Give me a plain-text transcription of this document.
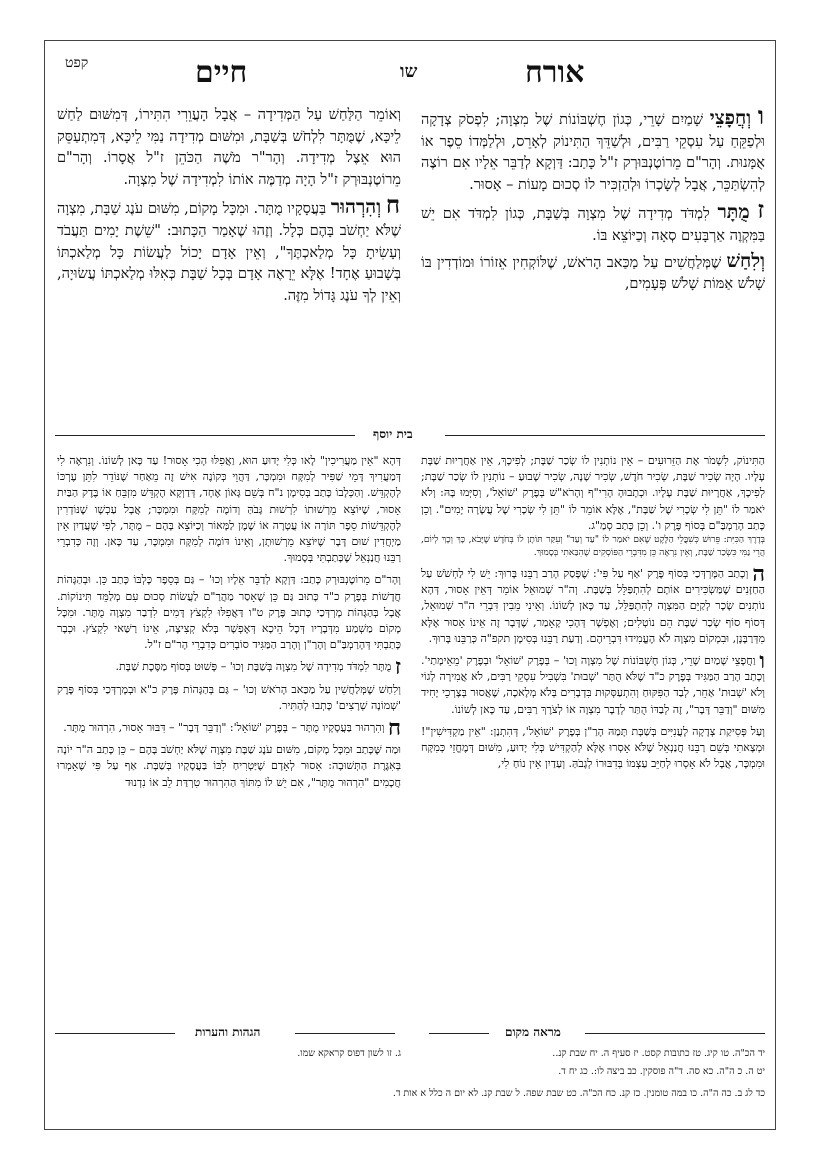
קפט	חיים	שו	אורח

ו וְחֲפָצֵי שָׁמַיִם שָׁרֵי, כְּגוֹן חֶשְׁבּוֹנוֹת שֶׁל מִצְוָה; לִפְסֹק צְדָקָה וּלְפַקֵּחַ עַל עִסְקֵי רַבִּים, וּלְשַׁדֵּךְ הַתִּינוֹק לְאָרֵס, וּלְלַמְּדוֹ סֵפֶר אוֹ אֻמָּנוּת. וְהָר"ם מֵרוֹטֶנְבּוּרְק ז"ל כָּתַב: דַּוְקָא לְדַבֵּר אֵלָיו אִם רוֹצֶה לְהִשְׂתַּכֵּר, אֲבָל לְשָׂכְרוֹ וּלְהַזְכִּיר לוֹ סְכוּם מָעוֹת – אָסוּר.

ז מֻתָּר לִמְדֹּד מְדִידָה שֶׁל מִצְוָה בְּשַׁבָּת, כְּגוֹן לִמְדֹּד אִם יֵשׁ בַּמִּקְוֶה אַרְבָּעִים סְאָה וְכַיּוֹצֵא בּוֹ.

וְלִחַשׁ שֶׁמְּלַחֲשִׁים עַל מַכַּאב הָרֹאשׁ, שֶׁלּוֹקְחִין אֵזוֹרוֹ וּמוֹדְדִין בּוֹ שָׁלֹשׁ אַמּוֹת שָׁלֹשׁ פְּעָמִים,

וְאוֹמֵר הַלַּחַשׁ עַל הַמְּדִידָה – אֲבָל הָעֲוֵרִי הִתִּירוֹ, דְּמִשּׁוּם לַחַשׁ לֵיכָּא, שֶׁמֻּתָּר לִלְחֹשׁ בְּשַׁבָּת, וּמִשּׁוּם מְדִידָה נַמִּי לֵיכָּא, דְּמִתְעַסֵּק הוּא אֵצֶל מְדִידָה. וְהָר"ר מֹשֶׁה הַכֹּהֵן ז"ל אֲסָרוֹ. וְהָר"ם מֵרוֹטֶנְבּוּרְק ז"ל הָיָה מְדַמֶּה אוֹתוֹ לִמְדִידָה שֶׁל מִצְוָה.

ח וְהִרְהוּר בַּעֲסָקָיו מֻתָּר. וּמִכָּל מָקוֹם, מִשּׁוּם עֹנֶג שַׁבָּת, מִצְוָה שֶׁלֹּא יַחְשֹׁב בָּהֶם כְּלָל. וְזֶהוּ שֶׁאָמַר הַכָּתוּב: "שֵׁשֶׁת יָמִים תַּעֲבֹד וְעָשִׂיתָ כָּל מְלַאכְתֶּךָ", וְאֵין אָדָם יָכוֹל לַעֲשׂוֹת כָּל מְלַאכְתּוֹ בְּשָׁבוּעַ אֶחָד! אֶלָּא יֵרָאֶה אָדָם בְּכָל שַׁבָּת כְּאִלּוּ מְלַאכְתּוֹ עֲשׂוּיָה, וְאֵין לְךָ עֹנֶג גָּדוֹל מִזֶּה.

בית יוסף

הַתִּינוֹק, לִשְׁמֹר אֶת הַזֵּרוּעִים – אֵין נוֹתְנִין לוֹ שְׂכַר שַׁבָּת; לְפִיכָךְ, אֵין אַחֲרָיוּת שַׁבָּת עָלָיו. הָיָה שְׂכִיר שַׁבָּת, שְׂכִיר חֹדֶשׁ, שְׂכִיר שָׁנָה, שְׂכִיר שָׁבוּעַ – נוֹתְנִין לוֹ שְׂכַר שַׁבָּת; לְפִיכָךְ, אַחֲרָיוּת שַׁבָּת עָלָיו. וּכְתָבוּהָ הָרִי"ף וְהָרֹא"שׁ בְּפֶרֶק 'שׁוֹאֵל', וְסִיְּמוּ בָּהּ: וְלֹא יֹאמַר לוֹ "תֵּן לִי שְׂכָרִי שֶׁל שַׁבָּת", אֶלָּא אוֹמֵר לוֹ "תֵּן לִי שְׂכָרִי שֶׁל עֲשָׂרָה יָמִים". וְכֵן כָּתַב הָרַמְבַּ"ם בְּסוֹף פֶּרֶק ו'. וְכֵן כָּתַב סְמַ"ג.
בְּדֶרֶךְ הַכִּיִּת: פֵּרוּשׁ כְּשִׁבֳּלֵי הַלֶּקֶט שֶׁאִם יֹאמַר לוֹ "עַד וְעַד" וְעִקַּר תּוֹתָן לוֹ בְּחֹדֶשׁ שֶׁיָּבֹא, כָּךְ וְכָךְ לְיוֹם, הֲרֵי נַמִּי כִּשְׂכַר שַׁבָּת, וְאֵין נִרְאֶה כֵּן מִדִּבְרֵי הַפּוֹסְקִים שֶׁהִבַּאתִי בְּסָמוּךְ.

ה וְכָתַב הַמָּרְדְּכַי בְּסוֹף פֶּרֶק 'אַף עַל פִּי': שֶׁפָּסַק הָרַב רַבֵּנוּ בָּרוּךְ: יֵשׁ לִי לַחְשֹׁשׁ עַל הַחַזָּנִים שֶׁמַּשְׂכִּירִים אוֹתָם לְהִתְפַּלֵּל בְּשַׁבָּת. וְה"ר שְׁמוּאֵל אוֹמֵר דְּאֵין אָסוּר, דְּהָא נוֹתְנִים שָׂכָר לְקַיֵּם הַמִּצְוָה לְהִתְפַּלֵּל, עַד כָּאן לְשׁוֹנוֹ. וְאֵינִי מֵבִין דִּבְרֵי ה"ר שְׁמוּאֵל, דְּסוֹף סוֹף שְׂכַר שַׁבָּת הֵם נוֹטְלִים; וְאֶפְשָׁר דְּהָכִי קָאָמַר, שֶׁדָּבָר זֶה אֵינוֹ אָסוּר אֶלָּא מִדְּרַבָּנָן, וּבִמְקוֹם מִצְוָה לֹא הֶעֱמִידוּ דִּבְרֵיהֶם. וְדַעַת רַבֵּנוּ בְּסִימָן תקפ"ה כְּרַבֵּנוּ בָּרוּךְ.

ו וַחֲפָצֵי שָׁמַיִם שָׁרֵי, כְּגוֹן חֶשְׁבּוֹנוֹת שֶׁל מִצְוָה וְכוּ' – בְּפֶרֶק 'שׁוֹאֵל' וּבְפֶרֶק 'מֵאֵימָתַי'. וְכָתַב הָרַב הַמַּגִּיד בְּפֶרֶק כ"ד שֶׁלֹּא הֻתַּר 'שְׁבוּת' בִּשְׁבִיל עִסְקֵי רַבִּים, לֹא אֲמִירָה לְגוֹי וְלֹא 'שְׁבוּת' אַחֵר, לְבַד הַפִּקּוּחַ וְהִתְעַסְּקוּת בִּדְבָרִים בְּלֹא מְלָאכָה, שֶׁאֲסוּר בְּצָרְכֵי יָחִיד מִשּׁוּם "וְדַבֵּר דָּבָר", זֶה לְבַדּוֹ הֻתַּר לְדָבָר מִצְוָה אוֹ לְצֹרֶךְ רַבִּים, עַד כָּאן לְשׁוֹנוֹ.

וְעַל פְּסִיקַת צְדָקָה לָעֲנִיִּים בְּשַׁבָּת תָּמַהּ הָרַ"ן בְּפֶרֶק 'שׁוֹאֵל', דְּהִתְנַן: "אֵין מַקְדִּישִׁין"! וּמְצָאתִי בְּשֵׁם רַבֵּנוּ חֲנַנְאֵל שֶׁלֹּא אָסְרוּ אֶלָּא לְהַקְדִּישׁ כְּלִי יָדוּעַ, מִשּׁוּם דְּמֶחֱזֵי כְּמִקָּח וּמִמְכָּר, אֲבָל לֹא אָסְרוּ לְחַיֵּב עַצְמוֹ בְּדִבּוּרוֹ לְגָבֹהַּ. וְעַדַיִן אֵין נוֹחַ לִי,

דְּהָא "אֵין מַעֲרִיכִין" לָאו כְּלִי יָדוּעַ הוּא, וַאֲפִלּוּ הָכִי אָסוּר! עַד כָּאן לְשׁוֹנוֹ. וְנִרְאֶה לִי דְּמַעֲרִיךְ דָּמֵי שַׁפִּיר לְמִקָּח וּמִמְכָּר, דַּהֲוֵי כְּקוֹנֶה אִישׁ זֶה מֵאַחַר שֶׁנּוֹדֵר לִתֵּן עֶרְכּוֹ לְהֶקְדֵּשׁ. וְהַכְּלָבוֹ כָּתַב בְּסִימָן נ"ח בְּשֵׁם גָּאוֹן אֶחָד, דְּדַוְקָא הֶקְדֵּשׁ מִזְבֵּחַ אוֹ בֶּדֶק הַבַּיִת אָסוּר, שֶׁיּוֹצֵא מֵרְשׁוּתוֹ לִרְשׁוּת גָּבֹהַּ וְדוֹמֶה לְמִקָּח וּמִמְכָּר; אֲבָל עַכְשָׁו שֶׁנּוֹדְרִין לְהֶקְדֵּשׁוֹת סֵפֶר תּוֹרָה אוֹ עֲטָרָה אוֹ שֶׁמֶן לַמָּאוֹר וְכַיּוֹצֵא בָּהֶם – מֻתָּר, לְפִי שֶׁעֲדַיִן אֵין מַיְחֲדִין שׁוּם דָּבָר שֶׁיּוֹצֵא מֵרְשׁוּתָן, וְאֵינוֹ דּוֹמֶה לְמִקָּח וּמִמְכָּר, עַד כָּאן. וְזֶה כְּדִבְרֵי רַבֵּנוּ חֲנַנְאֵל שֶׁכָּתַבְתִּי בְּסָמוּךְ.

וְהָר"ם מֵרוֹטֶנְבּוּרְק כָּתַב: דַּוְקָא לְדַבֵּר אֵלָיו וְכוּ' – גַּם בְּסֵפֶר כָּלְבּוֹ כָּתַב כֵּן. וּבְהַגָּהוֹת חֲדָשׁוֹת בְּפֶרֶק כ"ד כָּתוּב גַּם כֵּן שֶׁאָסַר מַהֲרַ"ם לַעֲשׂוֹת סְכוּם עִם מְלַמֵּד תִּינוֹקוֹת. אֲבָל בְּהַגָּהוֹת מָרְדְּכַי כָּתוּב פֶּרֶק ט"ו דַּאֲפִלּוּ לִקְצֹץ דָּמִים לִדְבַר מִצְוָה מֻתָּר. וּמִכָּל מָקוֹם מַשְׁמַע מִדְּבָרָיו דְּכָל הֵיכָא דְּאֶפְשָׁר בְּלֹא קְצִיצָה, אֵינוֹ רַשַּׁאי לִקְצֹץ. וּכְבָר כָּתַבְתִּי דְּהָרַמְבַּ"ם וְהָרַ"ן וְהָרַב הַמַּגִּיד סוֹבְרִים כְּדִבְרֵי הָר"ם ז"ל.

ז מֻתָּר לִמְדֹּד מְדִידָה שֶׁל מִצְוָה בְּשַׁבָּת וְכוּ' – פָּשׁוּט בְּסוֹף מַסֶּכֶת שַׁבָּת.

וְלִחַשׁ שֶׁמְּלַחֲשִׁין עַל מַכַּאב הָרֹאשׁ וְכוּ' – גַּם בְּהַגָּהוֹת פֶּרֶק כ"א וּבְמָרְדְּכַי בְּסוֹף פֶּרֶק 'שְׁמוֹנָה שְׁרָצִים' כָּתְבוּ לְהַתִּיר.

ח וְהִרְהוּר בַּעֲסָקָיו מֻתָּר – בְּפֶרֶק 'שׁוֹאֵל': "וְדַבֵּר דָּבָר" – דִּבּוּר אָסוּר, הִרְהוּר מֻתָּר.

וּמַה שֶּׁכָּתַב וּמִכָּל מָקוֹם, מִשּׁוּם עֹנֶג שַׁבָּת מִצְוָה שֶׁלֹּא יַחְשֹׁב בָּהֶם – כֵּן כָּתַב ה"ר יוֹנָה בְּאִגֶּרֶת הַתְּשׁוּבָה: אָסוּר לְאָדָם שֶׁיַּטְרִיחַ לִבּוֹ בַּעֲסָקָיו בְּשַׁבָּת. אַף עַל פִּי שֶׁאָמְרוּ חֲכָמִים "הִרְהוּר מֻתָּר", אִם יֵשׁ לוֹ מִתּוֹךְ הַהִרְהוּר טִרְדַּת לֵב אוֹ נִדְנוּד

הגהות והערות	מראה מקום
יד הכ"ה. טו קיג. טז כתובות קסט. יז סעיף ה. יח שבת קנ..
יט ה. כ ה"ה. כא סה. ד"ה פוסקין. כב ביצה לו:. כג יח ד.
כד לג ב. כה ה"ה. כו במה טומנין. כז קנ. כח הכ"ה. כט שבת שפה. ל שבת קנ. לא יום ה כלל א אות ד.
ג. זו לשון דפוס קראקא שמו.
